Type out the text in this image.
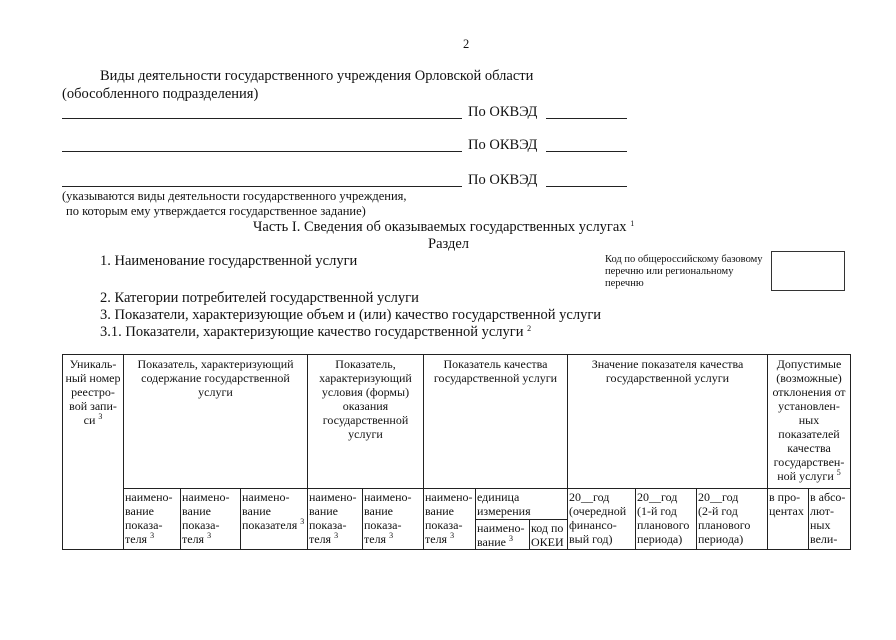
2
Виды деятельности государственного учреждения Орловской области
(обособленного подразделения)
По ОКВЭД
По ОКВЭД
По ОКВЭД
(указываются виды деятельности государственного учреждения,
по которым ему утверждается государственное задание)
Часть I. Сведения об оказываемых государственных услугах $^1$
Раздел
1. Наименование государственной услуги	Код по общероссийскому базовому
перечню или региональному
перечню
2. Категории потребителей государственной услуги
3. Показатели, характеризующие объем и (или) качество государственной услуги
3.1. Показатели, характеризующие качество государственной услуги $^2$
Уникаль-
ный номер
реестро-
вой запи-
си $^3$
Показатель, характеризующий
содержание государственной
услуги
Показатель,
характеризующий
условия (формы)
оказания
государственной
услуги
Показатель качества
государственной услуги
Значение показателя качества
государственной услуги
Допустимые
(возможные)
отклонения от
установлен-
ных
показателей
качества
государствен-
ной услуги $^5$
наимено-
вание
показа-
теля $^3$
наимено-
вание
показа-
теля $^3$
наимено-
вание
показателя $^3$
наимено-
вание
показа-
теля $^3$
наимено-
вание
показа-
теля $^3$
наимено-
вание
показа-
теля $^3$
единица
измерения
наимено-
вание $^3$
код по
ОКЕИ
20__год
(очередной
финансо-
вый год)
20__год
(1-й год
планового
периода)
20__год
(2-й год
планового
периода)
в про-
центах
в абсо-
лют-
ных
вели-
